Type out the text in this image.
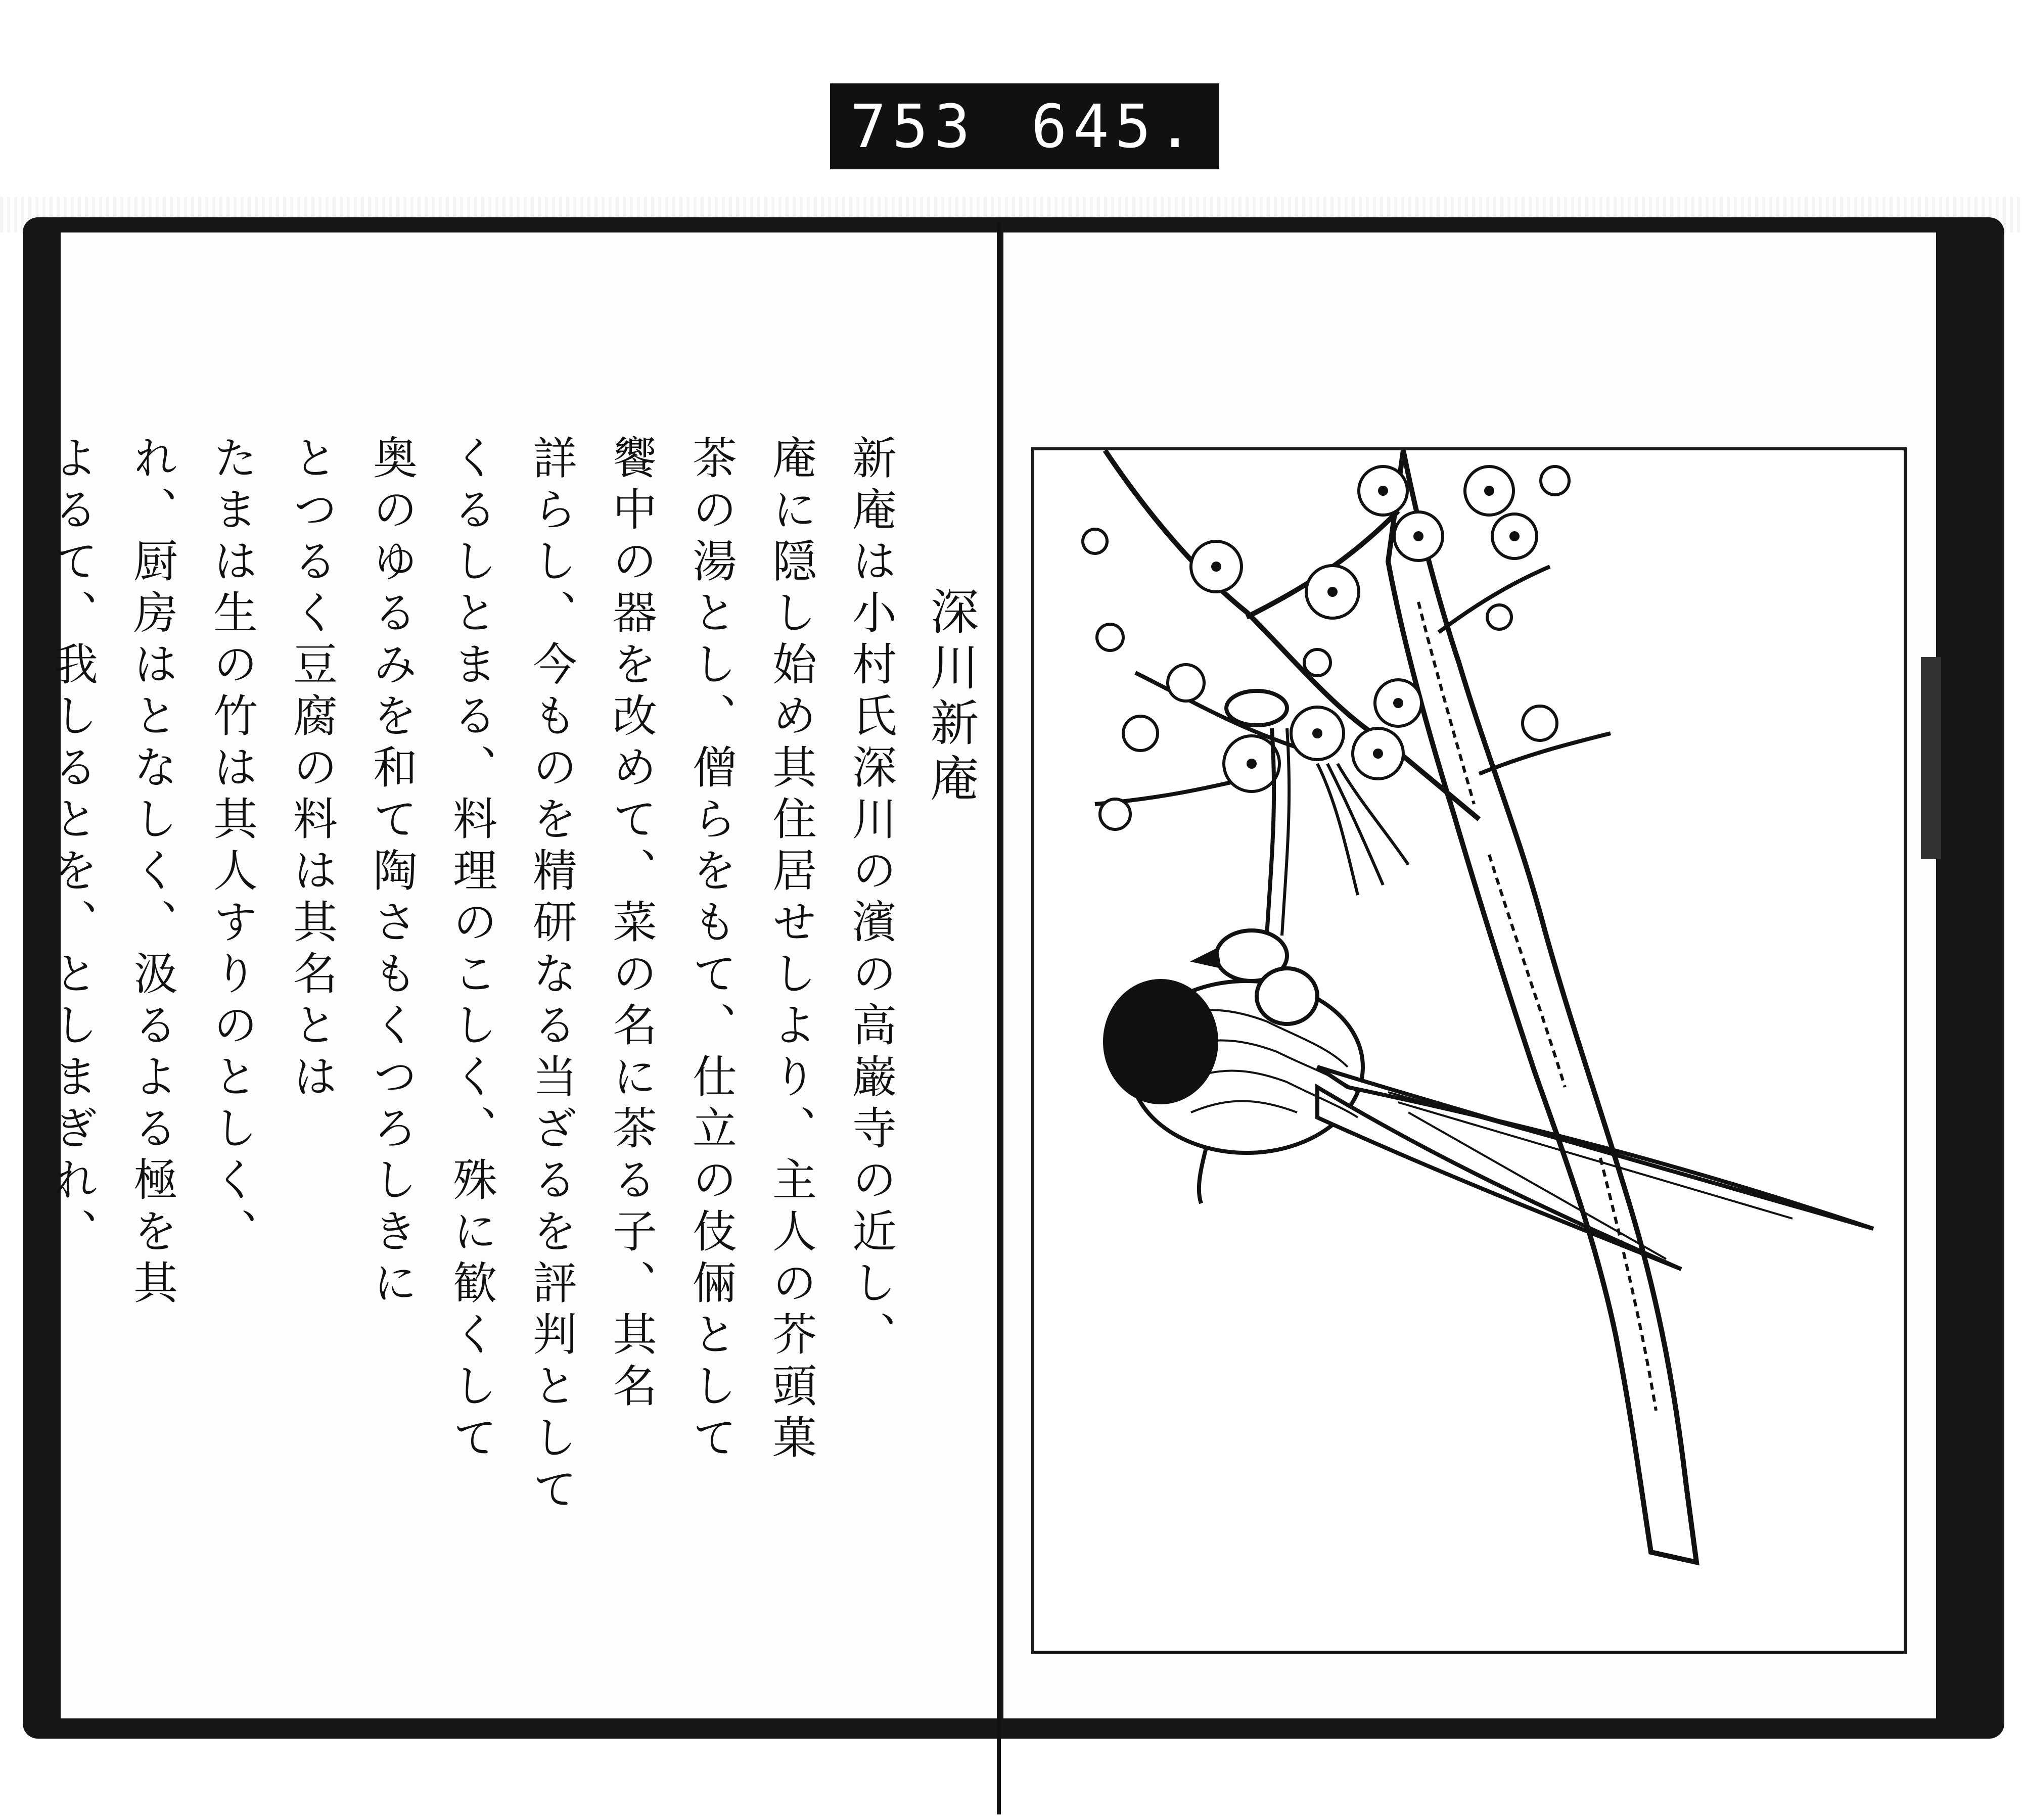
753 645.
深川新庵
新庵は小村氏深川の濱の高巌寺の近し、
庵に隠し始め其住居せしより、主人の芥頭菓
茶の湯とし、僧らをもて、仕立の伎倆として
饗中の器を改めて、菜の名に茶る子、其名
詳らし、今ものを精研なる当ざるを評判として
くるしとまる、料理のこしく、殊に歓くして
奥のゆるみを和て陶さもくつろしきに
とつるく豆腐の料は其名とは
たまは生の竹は其人すりのとしく、
れ、厨房はとなしく、汲るよる極を其
よるて、我しるとを、としまぎれ、
